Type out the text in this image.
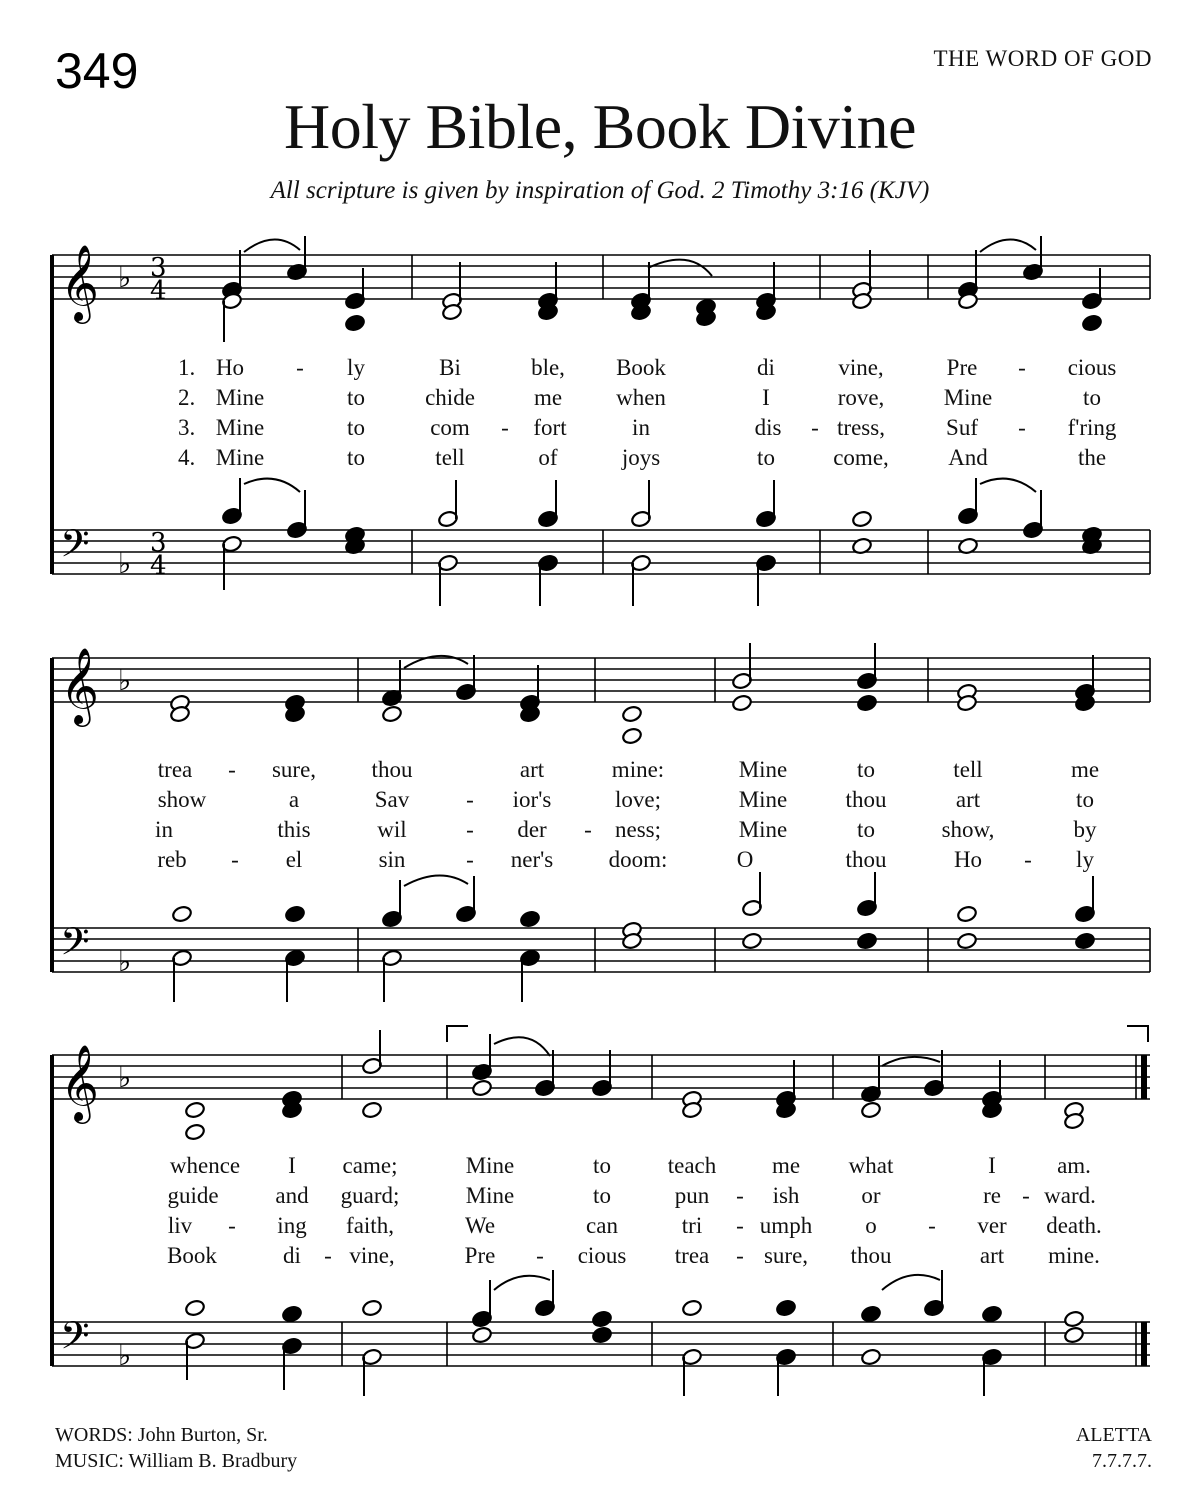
349	THE WORD OF GOD
Holy Bible, Book Divine
All scripture is given by inspiration of God. 2 Timothy 3:16 (KJV)
𝄞
𝄢
♭
♭
3
4
3
4
𝄞
𝄢
♭
♭
𝄞
𝄢
♭
♭
1. Ho - ly	Bi	ble, Book	di	vine,	Pre - cious
2. Mine	to	chide	me when	I	rove,	Mine	to
3. Mine	to	com - fort	in	dis - tress,	Suf - f'ring
4. Mine	to	tell	of	joys	to	come,	And	the
trea - sure, thou	art	mine:	Mine	to	tell	me
show	a	Sav - ior's	love;	Mine	thou	art	to
in	this	wil	- der - ness;	Mine	to	show,	by
reb - el	sin	- ner's doom:	O	thou	Ho - ly
whence I came;	Mine	to teach me what	I	am.
guide and guard;	Mine	to	pun - ish	or	re - ward.
liv - ing faith,	We	can	tri - umph o - ver death.
Book	di - vine,	Pre - cious trea - sure, thou	art mine.
WORDS: John Burton, Sr.
MUSIC: William B. Bradbury
ALETTA
7.7.7.7.
